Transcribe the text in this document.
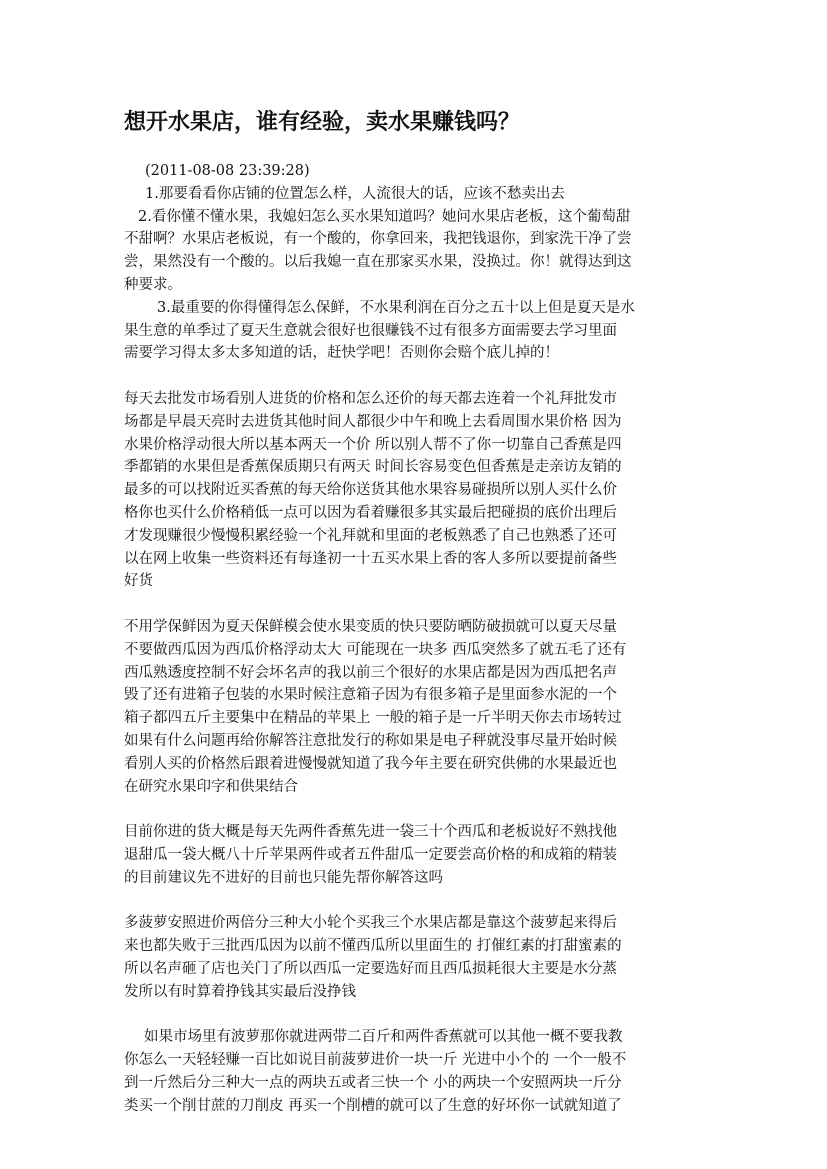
想开水果店，谁有经验，卖水果赚钱吗？
(2011-08-08 23:39:28)
1.那要看看你店铺的位置怎么样，人流很大的话，应该不愁卖出去
2.看你懂不懂水果，我媳妇怎么买水果知道吗？她问水果店老板，这个葡萄甜
不甜啊？水果店老板说，有一个酸的，你拿回来，我把钱退你，到家洗干净了尝
尝，果然没有一个酸的。以后我媳一直在那家买水果，没换过。你！就得达到这
种要求。
3.最重要的你得懂得怎么保鲜，不水果利润在百分之五十以上但是夏天是水
果生意的单季过了夏天生意就会很好也很赚钱不过有很多方面需要去学习里面
需要学习得太多太多知道的话，赶快学吧！否则你会赔个底儿掉的！
每天去批发市场看别人进货的价格和怎么还价的每天都去连着一个礼拜批发市
场都是早晨天亮时去进货其他时间人都很少中午和晚上去看周围水果价格 因为
水果价格浮动很大所以基本两天一个价 所以别人帮不了你一切靠自己香蕉是四
季都销的水果但是香蕉保质期只有两天 时间长容易变色但香蕉是走亲访友销的
最多的可以找附近买香蕉的每天给你送货其他水果容易碰损所以别人买什么价
格你也买什么价格稍低一点可以因为看着赚很多其实最后把碰损的底价出理后
才发现赚很少慢慢积累经验一个礼拜就和里面的老板熟悉了自己也熟悉了还可
以在网上收集一些资料还有每逢初一十五买水果上香的客人多所以要提前备些
好货
不用学保鲜因为夏天保鲜模会使水果变质的快只要防晒防破损就可以夏天尽量
不要做西瓜因为西瓜价格浮动太大 可能现在一块多 西瓜突然多了就五毛了还有
西瓜熟透度控制不好会坏名声的我以前三个很好的水果店都是因为西瓜把名声
毁了还有进箱子包装的水果时候注意箱子因为有很多箱子是里面参水泥的一个
箱子都四五斤主要集中在精品的苹果上 一般的箱子是一斤半明天你去市场转过
如果有什么问题再给你解答注意批发行的称如果是电子秤就没事尽量开始时候
看别人买的价格然后跟着进慢慢就知道了我今年主要在研究供佛的水果最近也
在研究水果印字和供果结合
目前你进的货大概是每天先两件香蕉先进一袋三十个西瓜和老板说好不熟找他
退甜瓜一袋大概八十斤苹果两件或者五件甜瓜一定要尝高价格的和成箱的精装
的目前建议先不进好的目前也只能先帮你解答这吗
多菠萝安照进价两倍分三种大小轮个买我三个水果店都是靠这个菠萝起来得后
来也都失败于三批西瓜因为以前不懂西瓜所以里面生的 打催红素的打甜蜜素的
所以名声砸了店也关门了所以西瓜一定要选好而且西瓜损耗很大主要是水分蒸
发所以有时算着挣钱其实最后没挣钱
如果市场里有波萝那你就进两带二百斤和两件香蕉就可以其他一概不要我教
你怎么一天轻轻赚一百比如说目前菠萝进价一块一斤 光进中小个的 一个一般不
到一斤然后分三种大一点的两块五或者三快一个 小的两块一个安照两块一斤分
类买一个削甘蔗的刀削皮 再买一个削槽的就可以了生意的好坏你一试就知道了
